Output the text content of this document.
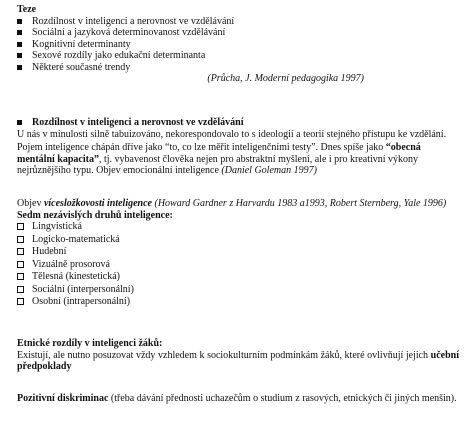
Teze
Rozdílnost v inteligenci a nerovnost ve vzdělávání
Sociální a jazyková determinovanost vzdělávání
Kognitivní determinanty
Sexové rozdíly jako edukační determinanta
Některé současné trendy
(Průcha, J. Moderní pedagogika 1997)
Rozdílnost v inteligenci a nerovnost ve vzdělávání
U nás v minulosti silně tabuizováno, nekorespondovalo to s ideologií a teorií stejného přístupu ke vzdělání.
Pojem inteligence chápán dříve jako “to, co lze měřit inteligenčními testy”. Dnes spíše jako “obecná mentální kapacita”, tj. vybavenost člověka nejen pro abstraktní myšlení, ale i pro kreativní výkony nejrůznějšího typu. Objev emocionální inteligence (Daniel Goleman 1997)
Objev vícesložkovosti inteligence (Howard Gardner z Harvardu 1983 a1993, Robert Sternberg, Yale 1996)
Sedm nezávislých druhů inteligence:
Lingvistická
Logicko-matematická
Hudební
Vizuálně prosorová
Tělesná (kinestetická)
Sociální (interpersonální)
Osobní (intrapersonální)
Etnické rozdíly v inteligenci žáků:
Existují, ale nutno posuzovat vždy vzhledem k sociokulturním podmínkám žáků, které ovlivňují jejich učební předpoklady
Pozitivní diskriminac (třeba dávání přednosti uchazečům o studium z rasových, etnických či jiných menšin).
